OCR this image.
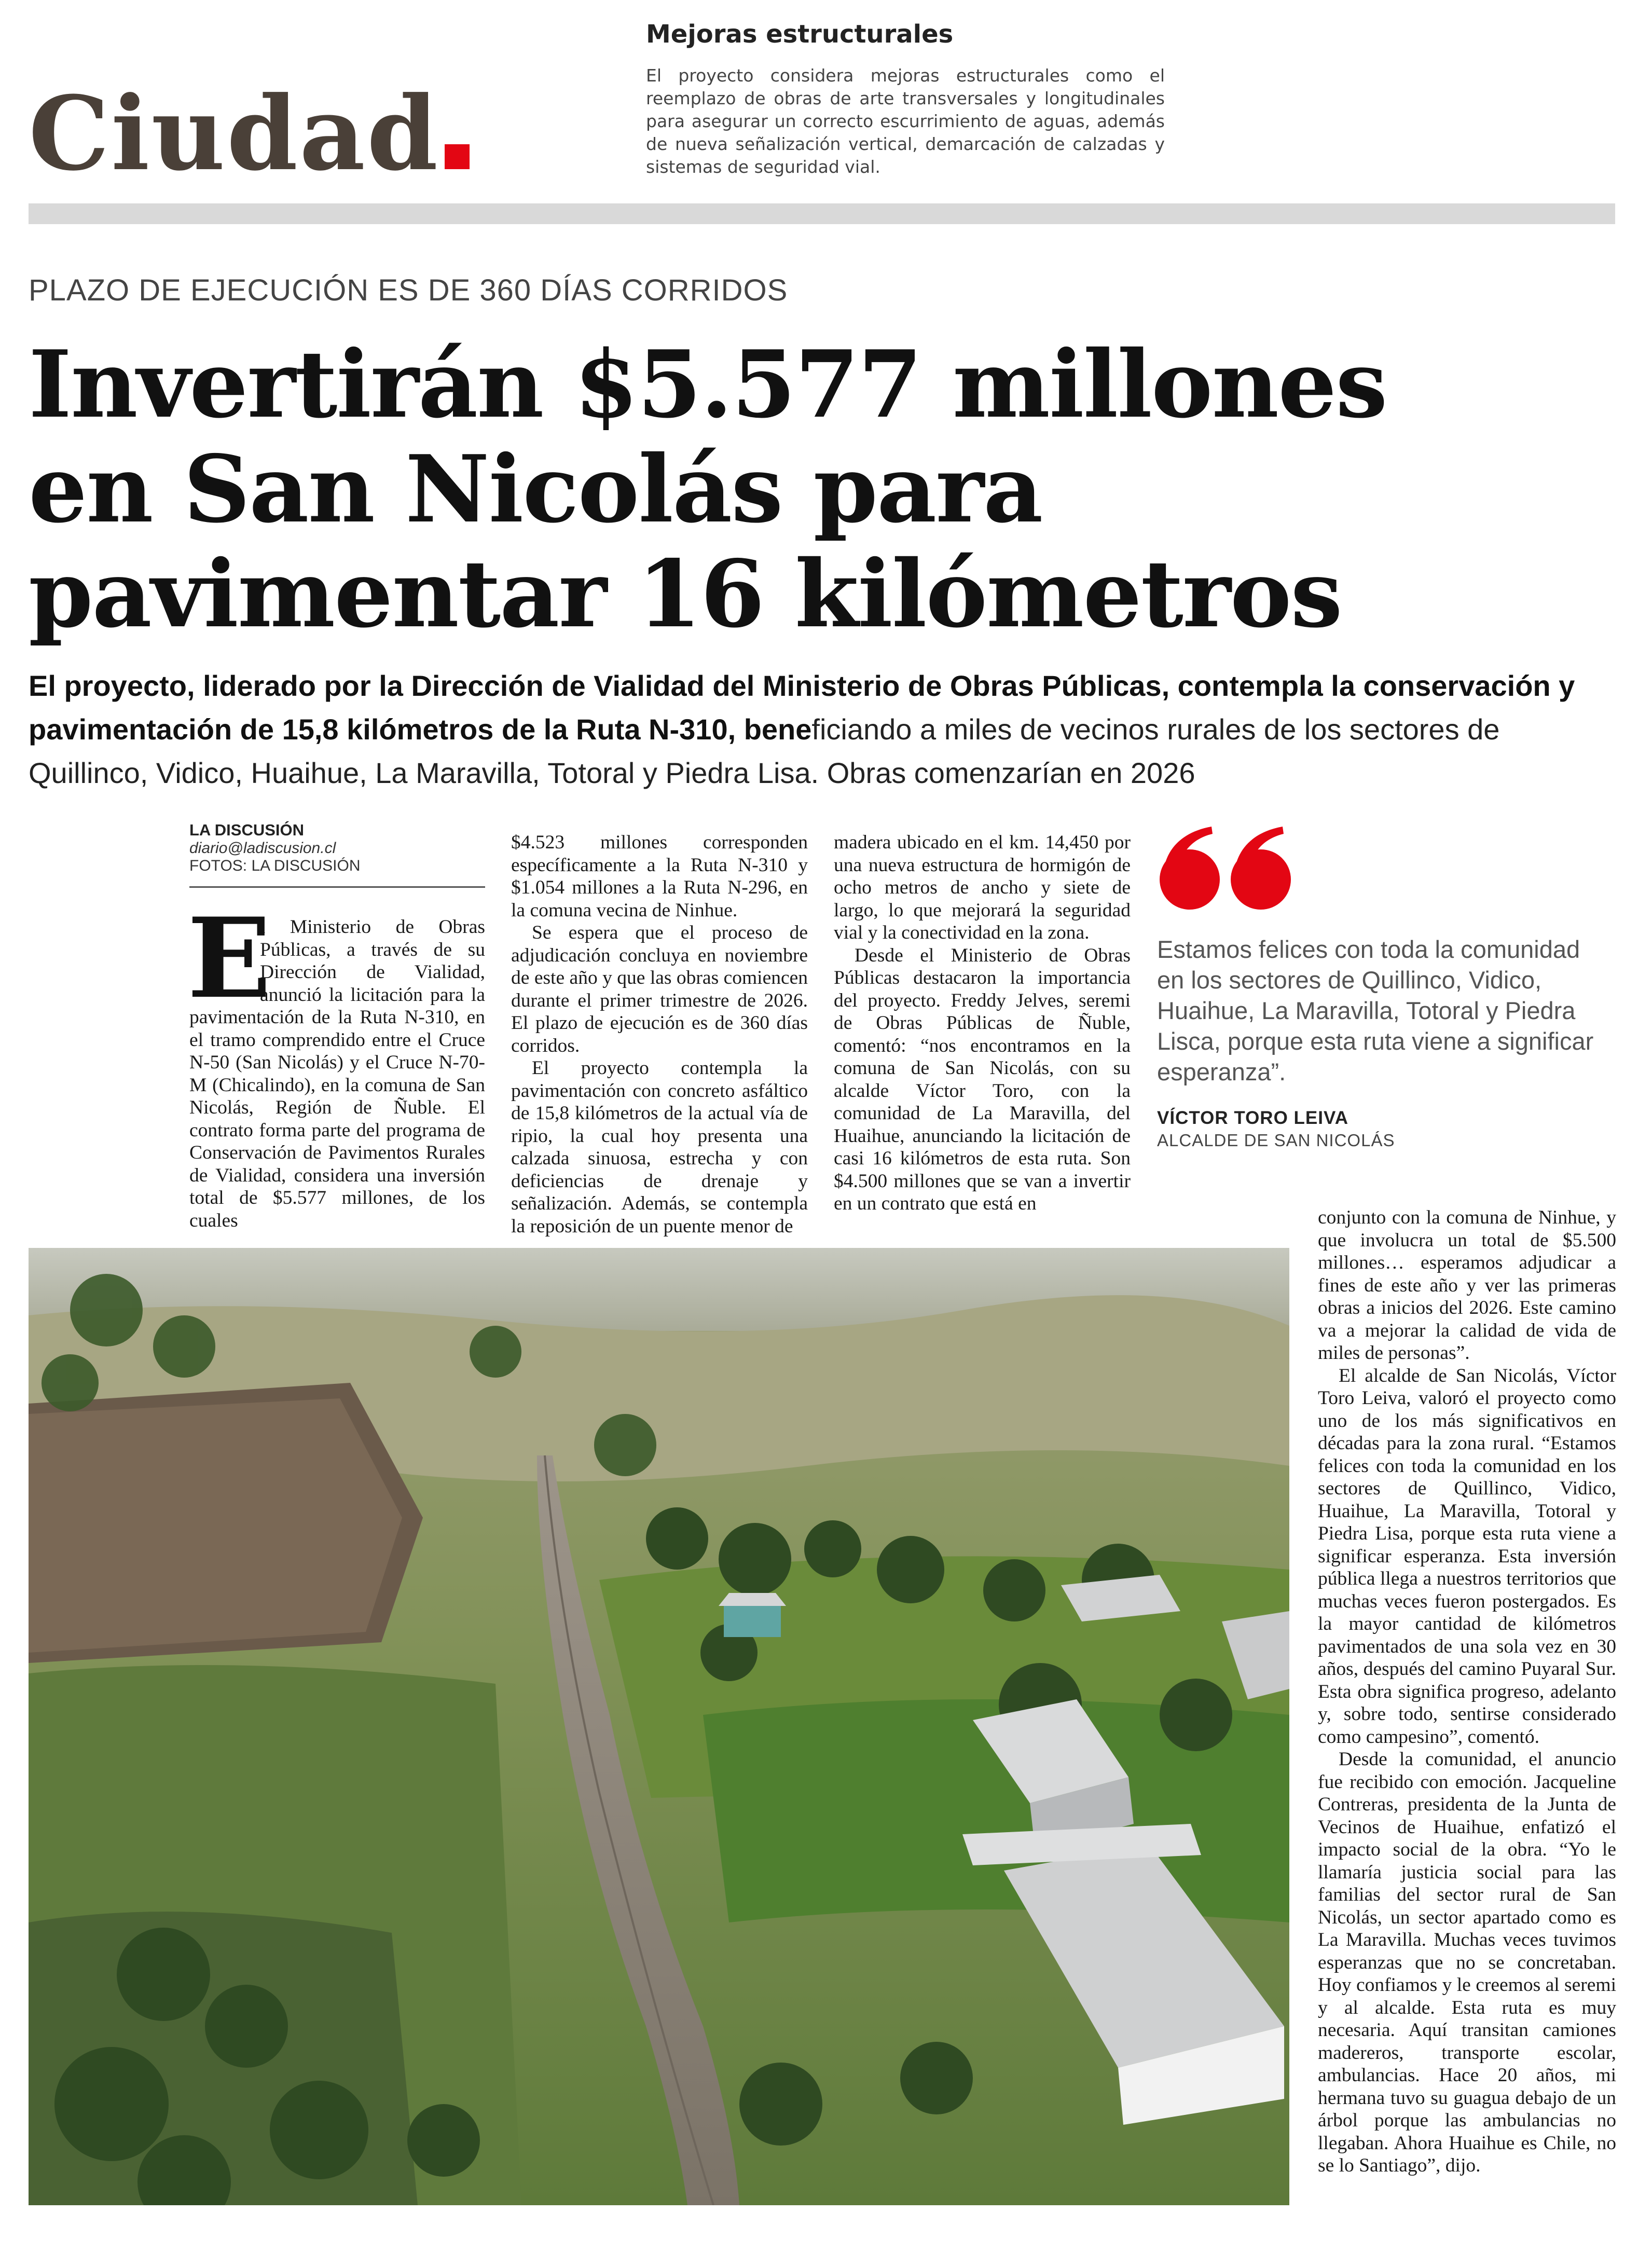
Ciudad
Mejoras estructurales
El proyecto considera mejoras estructurales como el reemplazo de obras de arte transversales y longitudinales para asegurar un correcto escurrimiento de aguas, además de nueva señalización vertical, demarcación de calzadas y sistemas de seguridad vial.
PLAZO DE EJECUCIÓN ES DE 360 DÍAS CORRIDOS
Invertirán $5.577 millones en San Nicolás para pavimentar 16 kilómetros
El proyecto, liderado por la Dirección de Vialidad del Ministerio de Obras Públicas, contempla la conservación y pavimentación de 15,8 kilómetros de la Ruta N-310, beneficiando a miles de vecinos rurales de los sectores de Quillinco, Vidico, Huaihue, La Maravilla, Totoral y Piedra Lisa. Obras comenzarían en 2026
LA DISCUSIÓN
diario@ladiscusion.cl
FOTOS: LA DISCUSIÓN
E

l Ministerio de Obras Públicas, a través de su Dirección de Vialidad, anunció la licitación para la pavimentación de la Ruta N-310, en el tramo comprendido entre el Cruce N-50 (San Nicolás) y el Cruce N-70-M (Chicalindo), en la comuna de San Nicolás, Región de Ñuble. El contrato forma parte del programa de Conservación de Pavimentos Rurales de Vialidad, considera una inversión total de $5.577 millones, de los cuales

$4.523 millones corresponden específicamente a la Ruta N-310 y $1.054 millones a la Ruta N-296, en la comuna vecina de Ninhue.

Se espera que el proceso de adjudicación concluya en noviembre de este año y que las obras comiencen durante el primer trimestre de 2026. El plazo de ejecución es de 360 días corridos.

El proyecto contempla la pavimentación con concreto asfáltico de 15,8 kilómetros de la actual vía de ripio, la cual hoy presenta una calzada sinuosa, estrecha y con deficiencias de drenaje y señalización. Además, se contempla la reposición de un puente menor de

madera ubicado en el km. 14,450 por una nueva estructura de hormigón de ocho metros de ancho y siete de largo, lo que mejorará la seguridad vial y la conectividad en la zona.

Desde el Ministerio de Obras Públicas destacaron la importancia del proyecto. Freddy Jelves, seremi de Obras Públicas de Ñuble, comentó: “nos encontramos en la comuna de San Nicolás, con su alcalde Víctor Toro, con la comunidad de La Maravilla, del Huaihue, anunciando la licitación de casi 16 kilómetros de esta ruta. Son $4.500 millones que se van a invertir en un contrato que está en

Estamos felices con toda la comunidad en los sectores de Quillinco, Vidico, Huaihue, La Maravilla, Totoral y Piedra Lisca, porque esta ruta viene a significar esperanza”.
VÍCTOR TORO LEIVA
ALCALDE DE SAN NICOLÁS

conjunto con la comuna de Ninhue, y que involucra un total de $5.500 millones… esperamos adjudicar a fines de este año y ver las primeras obras a inicios del 2026. Este camino va a mejorar la calidad de vida de miles de personas”.

El alcalde de San Nicolás, Víctor Toro Leiva, valoró el proyecto como uno de los más significativos en décadas para la zona rural. “Estamos felices con toda la comunidad en los sectores de Quillinco, Vidico, Huaihue, La Maravilla, Totoral y Piedra Lisa, porque esta ruta viene a significar esperanza. Esta inversión pública llega a nuestros territorios que muchas veces fueron postergados. Es la mayor cantidad de kilómetros pavimentados de una sola vez en 30 años, después del camino Puyaral Sur. Esta obra significa progreso, adelanto y, sobre todo, sentirse considerado como campesino”, comentó.

Desde la comunidad, el anuncio fue recibido con emoción. Jacqueline Contreras, presidenta de la Junta de Vecinos de Huaihue, enfatizó el impacto social de la obra. “Yo le llamaría justicia social para las familias del sector rural de San Nicolás, un sector apartado como es La Maravilla. Muchas veces tuvimos esperanzas que no se concretaban. Hoy confiamos y le creemos al seremi y al alcalde. Esta ruta es muy necesaria. Aquí transitan camiones madereros, transporte escolar, ambulancias. Hace 20 años, mi hermana tuvo su guagua debajo de un árbol porque las ambulancias no llegaban. Ahora Huaihue es Chile, no se lo Santiago”, dijo.
